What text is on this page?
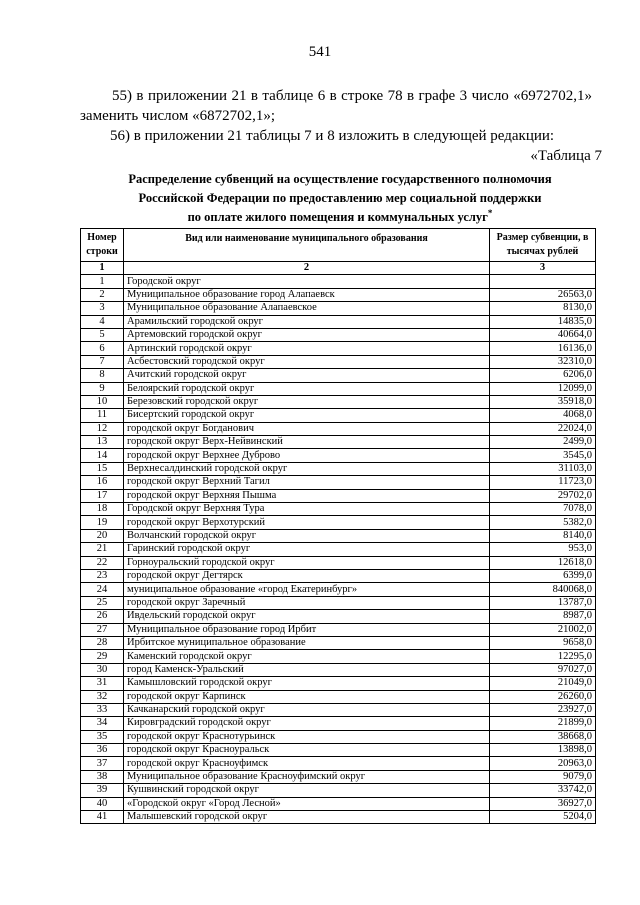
541
55) в приложении 21 в таблице 6 в строке 78 в графе 3 число «6972702,1» заменить числом «6872702,1»;
56) в приложении 21 таблицы 7 и 8 изложить в следующей редакции:
«Таблица 7
Распределение субвенций на осуществление государственного полномочия
Российской Федерации по предоставлению мер социальной поддержки
по оплате жилого помещения и коммунальных услуг*
Номер строки	Вид или наименование муниципального образования	Размер субвенции, в тысячах рублей
1	2	3
1	Городской округ	
2	Муниципальное образование город Алапаевск	26563,0
3	Муниципальное образование Алапаевское	8130,0
4	Арамильский городской округ	14835,0
5	Артемовский городской округ	40664,0
6	Артинский городской округ	16136,0
7	Асбестовский городской округ	32310,0
8	Ачитский городской округ	6206,0
9	Белоярский городской округ	12099,0
10	Березовский городской округ	35918,0
11	Бисертский городской округ	4068,0
12	городской округ Богданович	22024,0
13	городской округ Верх-Нейвинский	2499,0
14	городской округ Верхнее Дуброво	3545,0
15	Верхнесалдинский городской округ	31103,0
16	городской округ Верхний Тагил	11723,0
17	городской округ Верхняя Пышма	29702,0
18	Городской округ Верхняя Тура	7078,0
19	городской округ Верхотурский	5382,0
20	Волчанский городской округ	8140,0
21	Гаринский городской округ	953,0
22	Горноуральский городской округ	12618,0
23	городской округ Дегтярск	6399,0
24	муниципальное образование «город Екатеринбург»	840068,0
25	городской округ Заречный	13787,0
26	Ивдельский городской округ	8987,0
27	Муниципальное образование город Ирбит	21002,0
28	Ирбитское муниципальное образование	9658,0
29	Каменский городской округ	12295,0
30	город Каменск-Уральский	97027,0
31	Камышловский городской округ	21049,0
32	городской округ Карпинск	26260,0
33	Качканарский городской округ	23927,0
34	Кировградский городской округ	21899,0
35	городской округ Краснотурьинск	38668,0
36	городской округ Красноуральск	13898,0
37	городской округ Красноуфимск	20963,0
38	Муниципальное образование Красноуфимский округ	9079,0
39	Кушвинский городской округ	33742,0
40	«Городской округ «Город Лесной»	36927,0
41	Малышевский городской округ	5204,0
